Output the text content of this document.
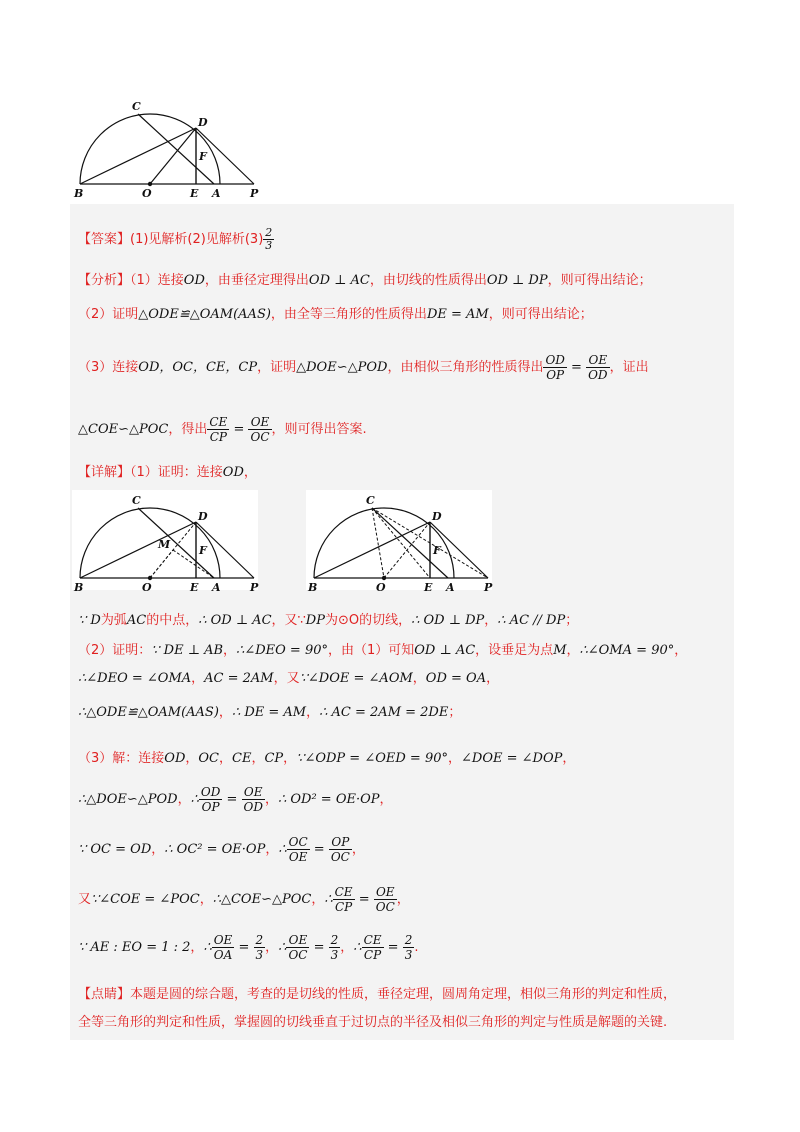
C
D
F
B	O	E A	P
【答案】(1)见解析(2)见解析$(3) \frac{2}{3}$
【分析】（1）连接OD，由垂径定理得出OD ⊥ AC，由切线的性质得出OD ⊥ DP，则可得出结论；
（2）证明△ODE≌△OAM(AAS)，由全等三角形的性质得出DE = AM，则可得出结论；
（3）连接OD，OC，CE，CP，证明△DOE∽△POD，由相似三角形的性质得出 $\frac{OD}{OP} = \frac{OE}{OD}$ ，证出
△COE∽△POC，得出 $\frac{CE}{CP} = \frac{OE}{OC}$ ，则可得出答案.
【详解】（1）证明：连接OD，
C
D
F
M
B	O	E A	P
C
D
F
B	O	E A	P
∵ D为弧AC的中点，∴ OD ⊥ AC，又∵DP为⊙O的切线，∴ OD ⊥ DP，∴ AC // DP；
（2）证明：∵ DE ⊥ AB，∴∠DEO = 90°，由（1）可知OD ⊥ AC，设垂足为点M，∴∠OMA = 90°，
∴∠DEO = ∠OMA，AC = 2AM，又∵∠DOE = ∠AOM，OD = OA，
∴△ODE≌△OAM(AAS)，∴ DE = AM，∴ AC = 2AM = 2DE；
（3）解：连接OD，OC，CE，CP，∵∠ODP = ∠OED = 90°，∠DOE = ∠DOP，
∴△DOE∽△POD，∴ $\frac{OD}{OP} = \frac{OE}{OD}$ ，∴ OD² = OE·OP，
∵ OC = OD，∴ OC² = OE·OP，∴ $\frac{OC}{OE} = \frac{OP}{OC}$ ，
又∵∠COE = ∠POC，∴△COE∽△POC，∴ $\frac{CE}{CP} = \frac{OE}{OC}$ ，
∵ AE : EO = 1 : 2，∴ $\frac{OE}{OA} = \frac{2}{3}$ ，∴ $\frac{OE}{OC} = \frac{2}{3}$ ，∴ $\frac{CE}{CP} = \frac{2}{3}$ .
【点睛】本题是圆的综合题，考查的是切线的性质，垂径定理，圆周角定理，相似三角形的判定和性质，
全等三角形的判定和性质，掌握圆的切线垂直于过切点的半径及相似三角形的判定与性质是解题的关键.
